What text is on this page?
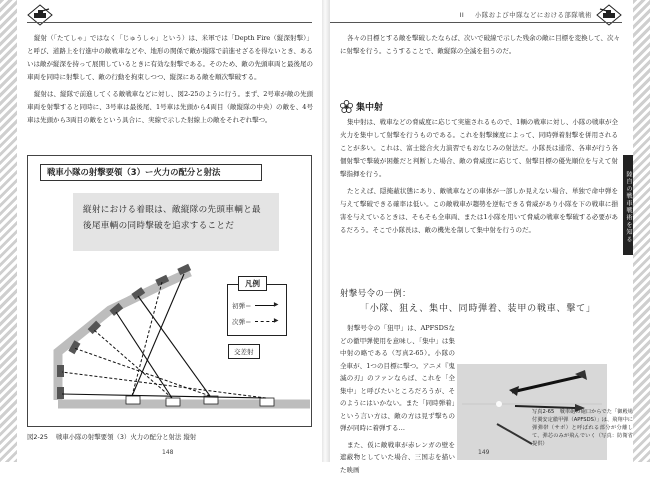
縦射（「たてしゃ」ではなく「じゅうしゃ」という）は、米軍では「Depth Fire（縦深射撃）」と呼び、道路上を行進中の敵戦車などや、地形の関係で敵が縦隊で前進せざるを得ないとき、あるいは敵が縦深を持って展開しているときに有効な射撃である。そのため、敵の先頭車両と最後尾の車両を同時に射撃して、敵の行動を拘束しつつ、縦深にある敵を順次撃破する。

縦射は、縦隊で前進してくる敵戦車などに対し、図2-25のように行う。まず、2号車が敵の先頭車両を射撃すると同時に、3号車は最後尾、1号車は先頭から4両目（敵縦隊の中央）の敵を、4号車は先頭から3両目の敵をという具合に、実線で示した射線上の敵をそれぞれ撃つ。

戦車小隊の射撃要領（3）ー火力の配分と射法
縦射における着眼は、敵縦隊の先頭車輌と最後尾車輌の同時撃破を追求することだ
凡例
初弾＝	▶
次弾＝	▶
交差射
図2-25 戦車小隊の射撃要領（3）火力の配分と射法 縦射
148
II 小隊および中隊などにおける部隊戦術

各々の目標とする敵を撃破したならば、次いで破線で示した残余の敵に目標を変換して、次々に射撃を行う。こうすることで、敵縦隊の全滅を狙うのだ。

集中射

集中射は、戦車などの脅威度に応じて実施されるもので、1輌の戦車に対し、小隊の戦車が全火力を集中して射撃を行うものである。これを射撃練度によって、同時弾着射撃を併用されることが多い。これは、富士総合火力演習でもおなじみの射法だ。小隊長は通常、各車が行う各個射撃で撃破が困難だと判断した場合、敵の脅威度に応じて、射撃目標の優先順位を与えて射撃指揮を行う。

たとえば、隠掩蔽状態にあり、敵戦車などの車体が一部しか見えない場合、単独で命中弾を与えて撃破できる確率は低い。この敵戦車が趨勢を逆転できる脅威があり小隊を下の戦車に損害を与えているときは、そもそも全車両、または1小隊を用いて脅威の戦車を撃破する必要があるだろう。そこで小隊長は、敵の機先を制して集中射を行うのだ。

射撃号令の一例：
「小隊、狙え、集中、同時弾着、装甲の戦車、撃て」

射撃号令の「狙甲」は、APFSDSなどの徹甲弾使用を意味し、「集中」は集中射の略である（写真2-65）。小隊の全車が、1つの目標に撃つ。アニメ『鬼滅の刃』のファンならば、これを「全集中」と呼びたいところだろうが、そのようにはいかない。また「同時弾着」という言い方は、敵の方は見ず撃ちの弾が同時に着弾する…

また、仮に敵戦車が赤レンガの壁を遮蔽物としていた場合、三国志を描いた映画

写真2-65　戦車砲の砲口からでた「御殿場付翼安定徹甲弾（APFSDS）」は、飛翔中に弾弾帯（サボ）と呼ばれる部分が分離して、弾芯のみが飛んでいく（写真：防衛省提供）
陸自の戦車戦術を知る
149
